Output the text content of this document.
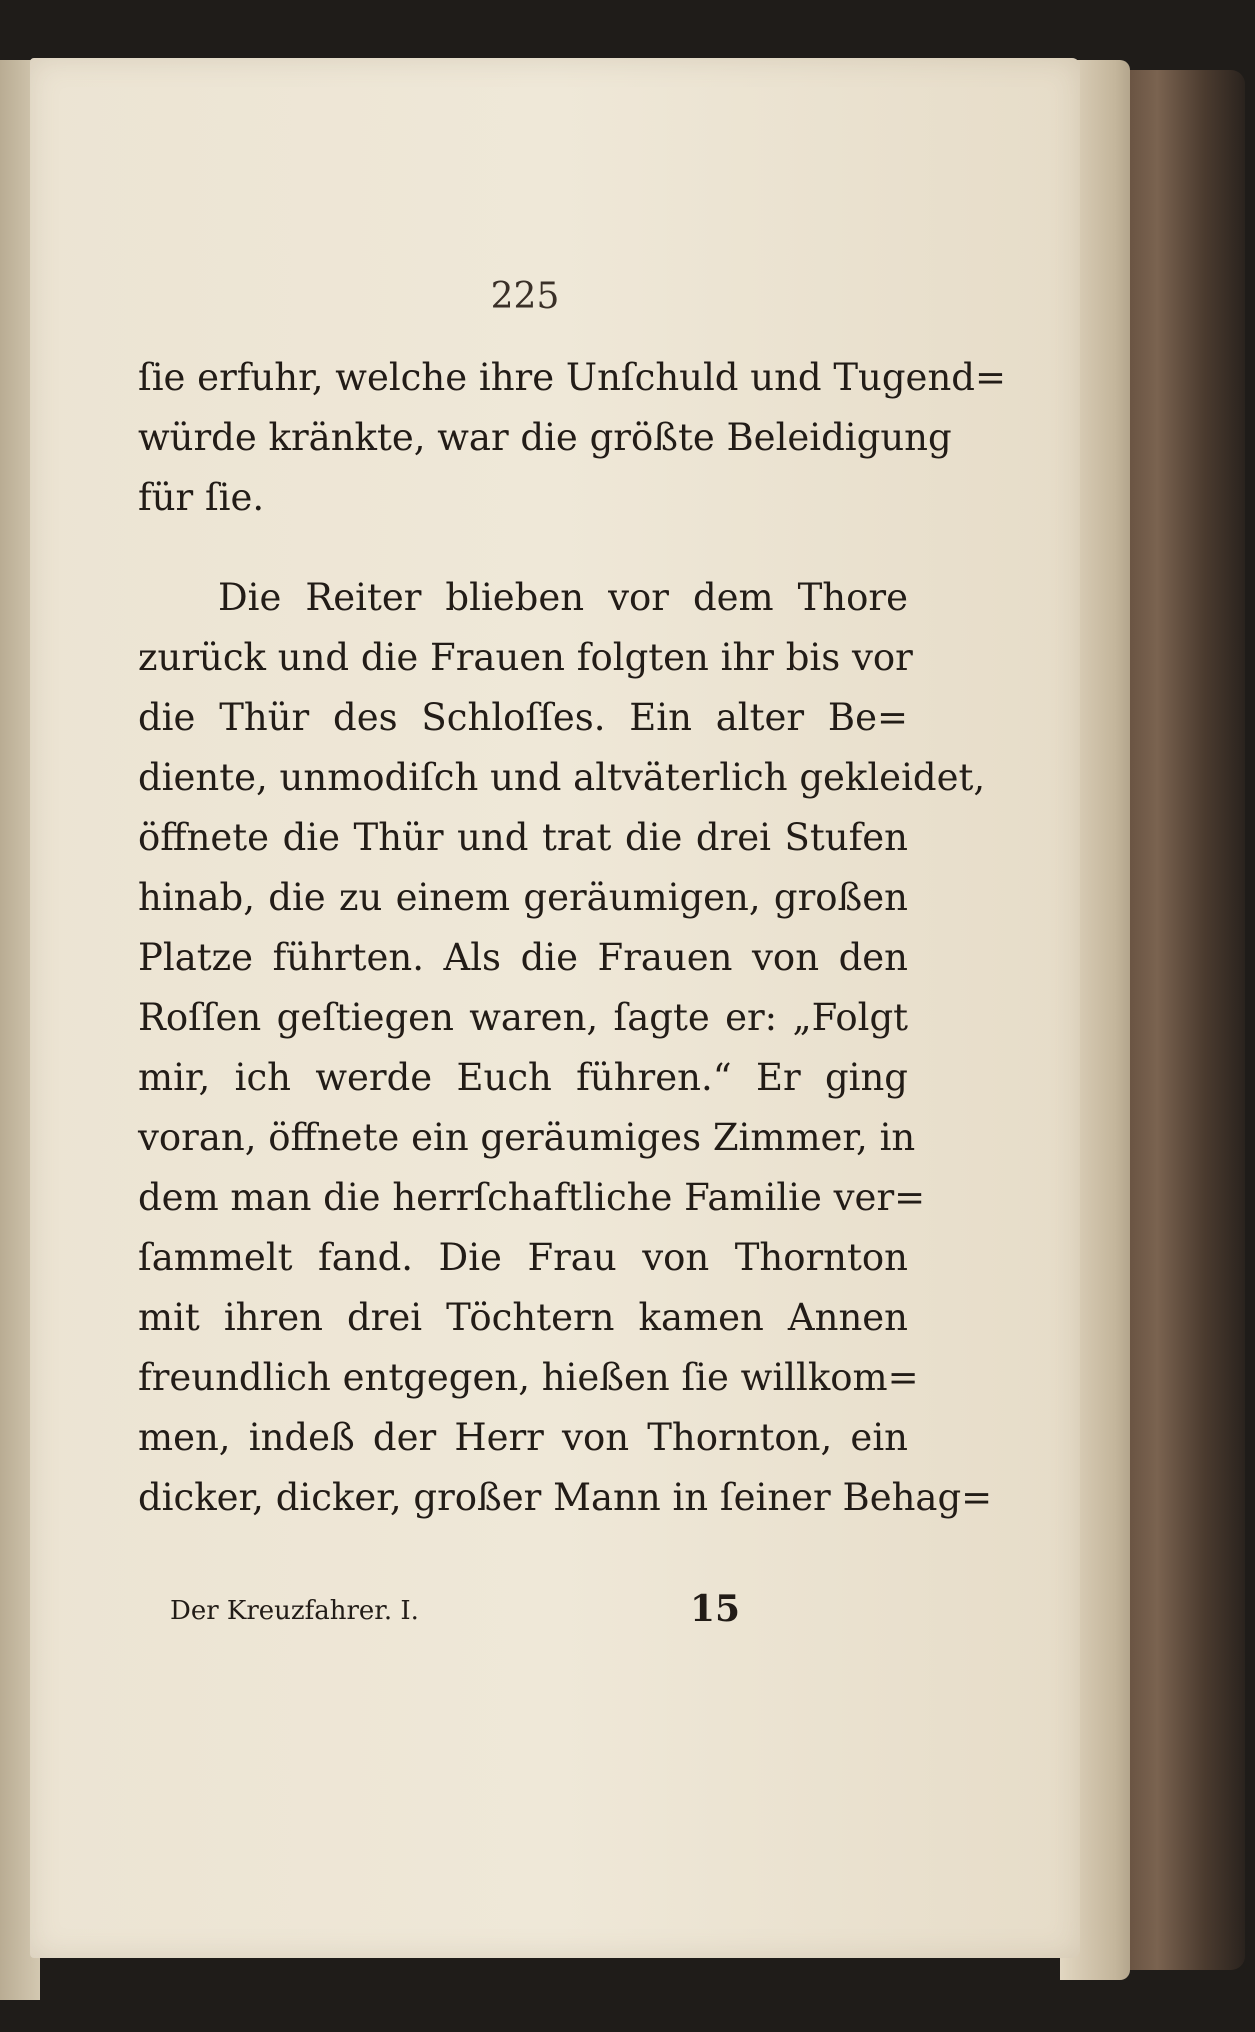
225
ſie erfuhr, welche ihre Unſchuld und Tugend=
würde kränkte, war die größte Beleidigung
für ſie.
Die Reiter blieben vor dem Thore
zurück und die Frauen folgten ihr bis vor
die Thür des Schloſſes. Ein alter Be=
diente, unmodiſch und altväterlich gekleidet,
öffnete die Thür und trat die drei Stufen
hinab, die zu einem geräumigen, großen
Platze führten. Als die Frauen von den
Roſſen geſtiegen waren, ſagte er: „Folgt
mir, ich werde Euch führen.“ Er ging
voran, öffnete ein geräumiges Zimmer, in
dem man die herrſchaftliche Familie ver=
ſammelt fand. Die Frau von Thornton
mit ihren drei Töchtern kamen Annen
freundlich entgegen, hießen ſie willkom=
men, indeß der Herr von Thornton, ein
dicker, dicker, großer Mann in ſeiner Behag=
Der Kreuzfahrer. I.	15
